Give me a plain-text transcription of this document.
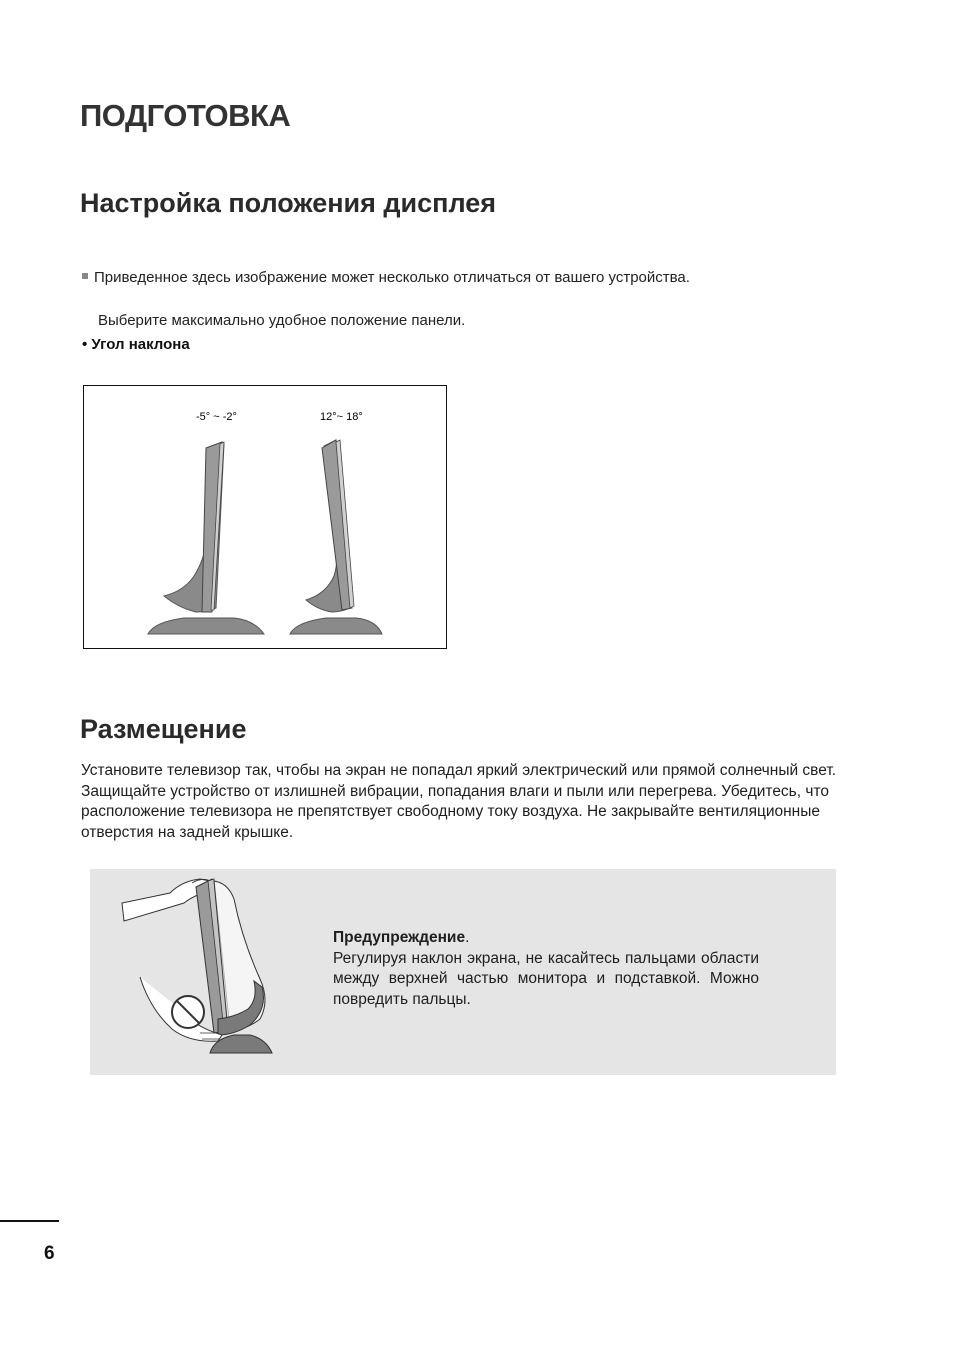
ПОДГОТОВКА
Настройка положения дисплея
Приведенное здесь изображение может несколько отличаться от вашего устройства.
Выберите максимально удобное положение панели.
• Угол наклона
-5° ~ -2°	12°~ 18°
Размещение
Установите телевизор так, чтобы на экран не попадал яркий электрический или прямой солнечный свет. Защищайте устройство от излишней вибрации, попадания влаги и пыли или перегрева. Убедитесь, что расположение телевизора не препятствует свободному току воздуха. Не закрывайте вентиляционные отверстия на задней крышке.
Предупреждение.
Регулируя наклон экрана, не касайтесь пальцами области между верхней частью монитора и подставкой. Можно повредить пальцы.
6
